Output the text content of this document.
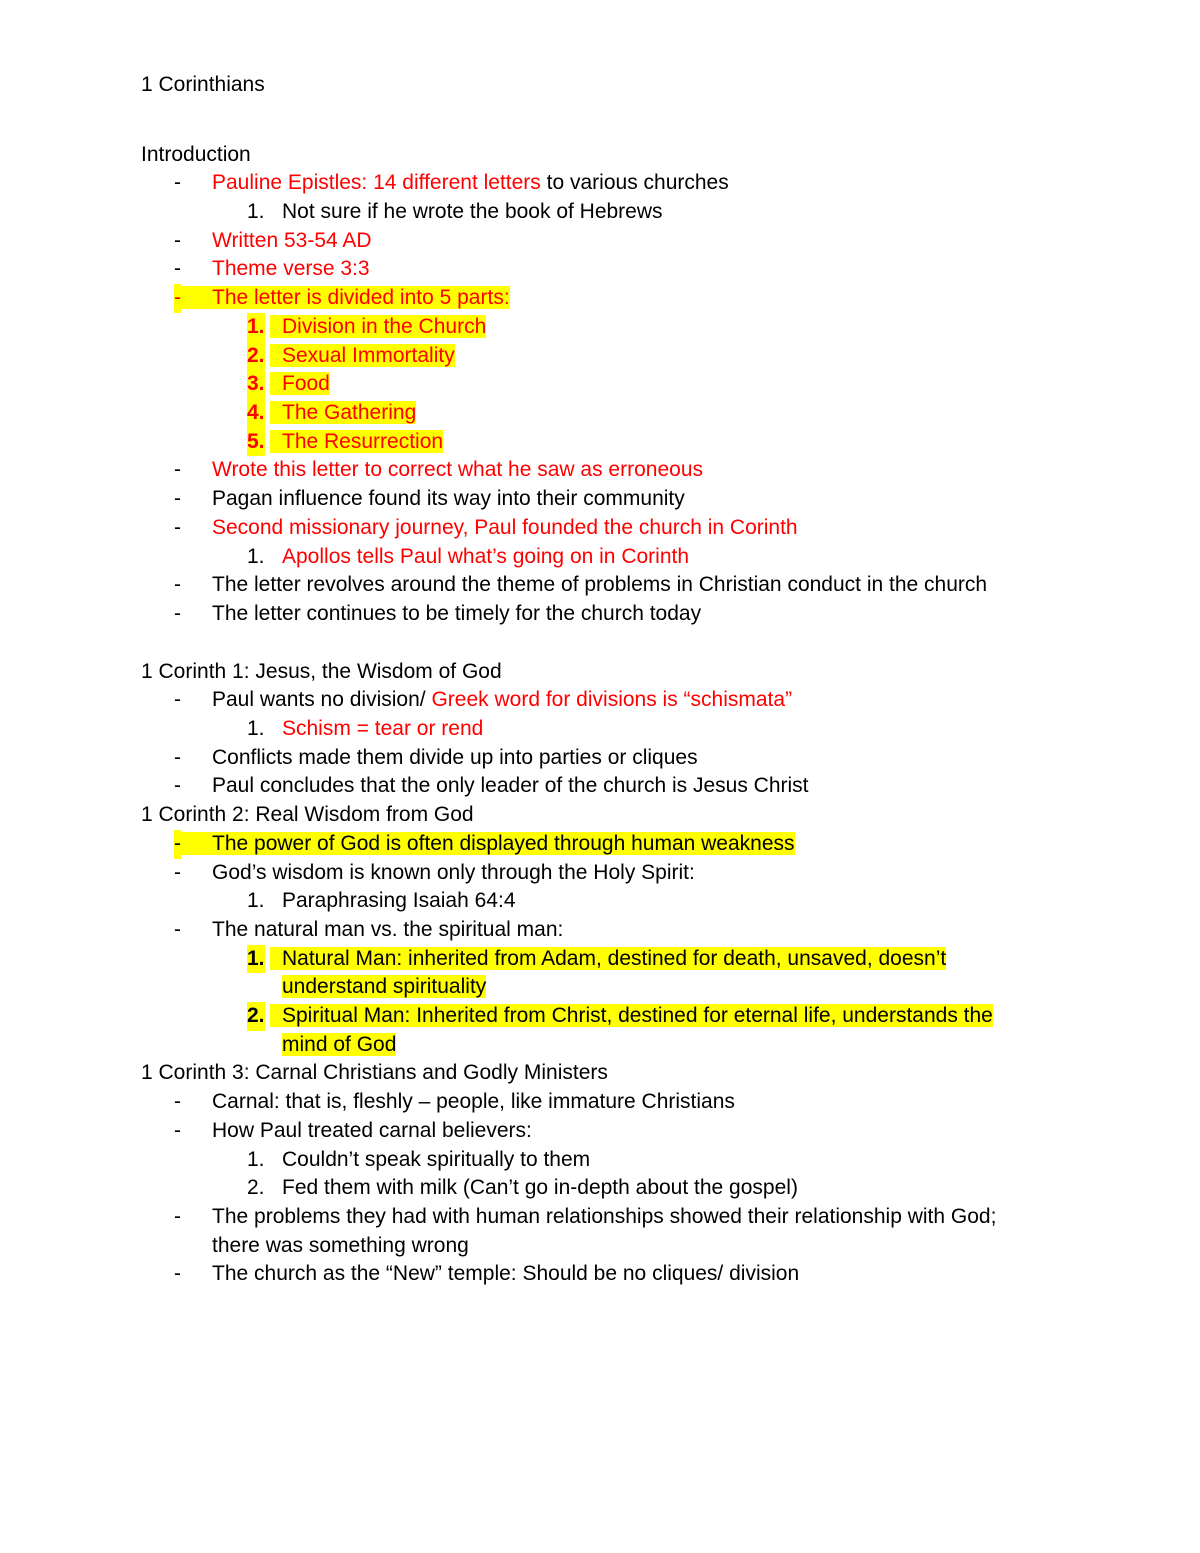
1 Corinthians
Introduction
- Pauline Epistles: 14 different letters to various churches
1. Not sure if he wrote the book of Hebrews
- Written 53-54 AD
- Theme verse 3:3
- The letter is divided into 5 parts:
1. Division in the Church
2. Sexual Immortality
3. Food
4. The Gathering
5. The Resurrection
- Wrote this letter to correct what he saw as erroneous
- Pagan influence found its way into their community
- Second missionary journey, Paul founded the church in Corinth
1. Apollos tells Paul what’s going on in Corinth
- The letter revolves around the theme of problems in Christian conduct in the church
- The letter continues to be timely for the church today
1 Corinth 1: Jesus, the Wisdom of God
- Paul wants no division/ Greek word for divisions is “schismata”
1. Schism = tear or rend
- Conflicts made them divide up into parties or cliques
- Paul concludes that the only leader of the church is Jesus Christ
1 Corinth 2: Real Wisdom from God
- The power of God is often displayed through human weakness
- God’s wisdom is known only through the Holy Spirit:
1. Paraphrasing Isaiah 64:4
- The natural man vs. the spiritual man:
1. Natural Man: inherited from Adam, destined for death, unsaved, doesn’t
understand spirituality
2. Spiritual Man: Inherited from Christ, destined for eternal life, understands the
mind of God
1 Corinth 3: Carnal Christians and Godly Ministers
- Carnal: that is, fleshly – people, like immature Christians
- How Paul treated carnal believers:
1. Couldn’t speak spiritually to them
2. Fed them with milk (Can’t go in-depth about the gospel)
- The problems they had with human relationships showed their relationship with God;
there was something wrong
- The church as the “New” temple: Should be no cliques/ division
